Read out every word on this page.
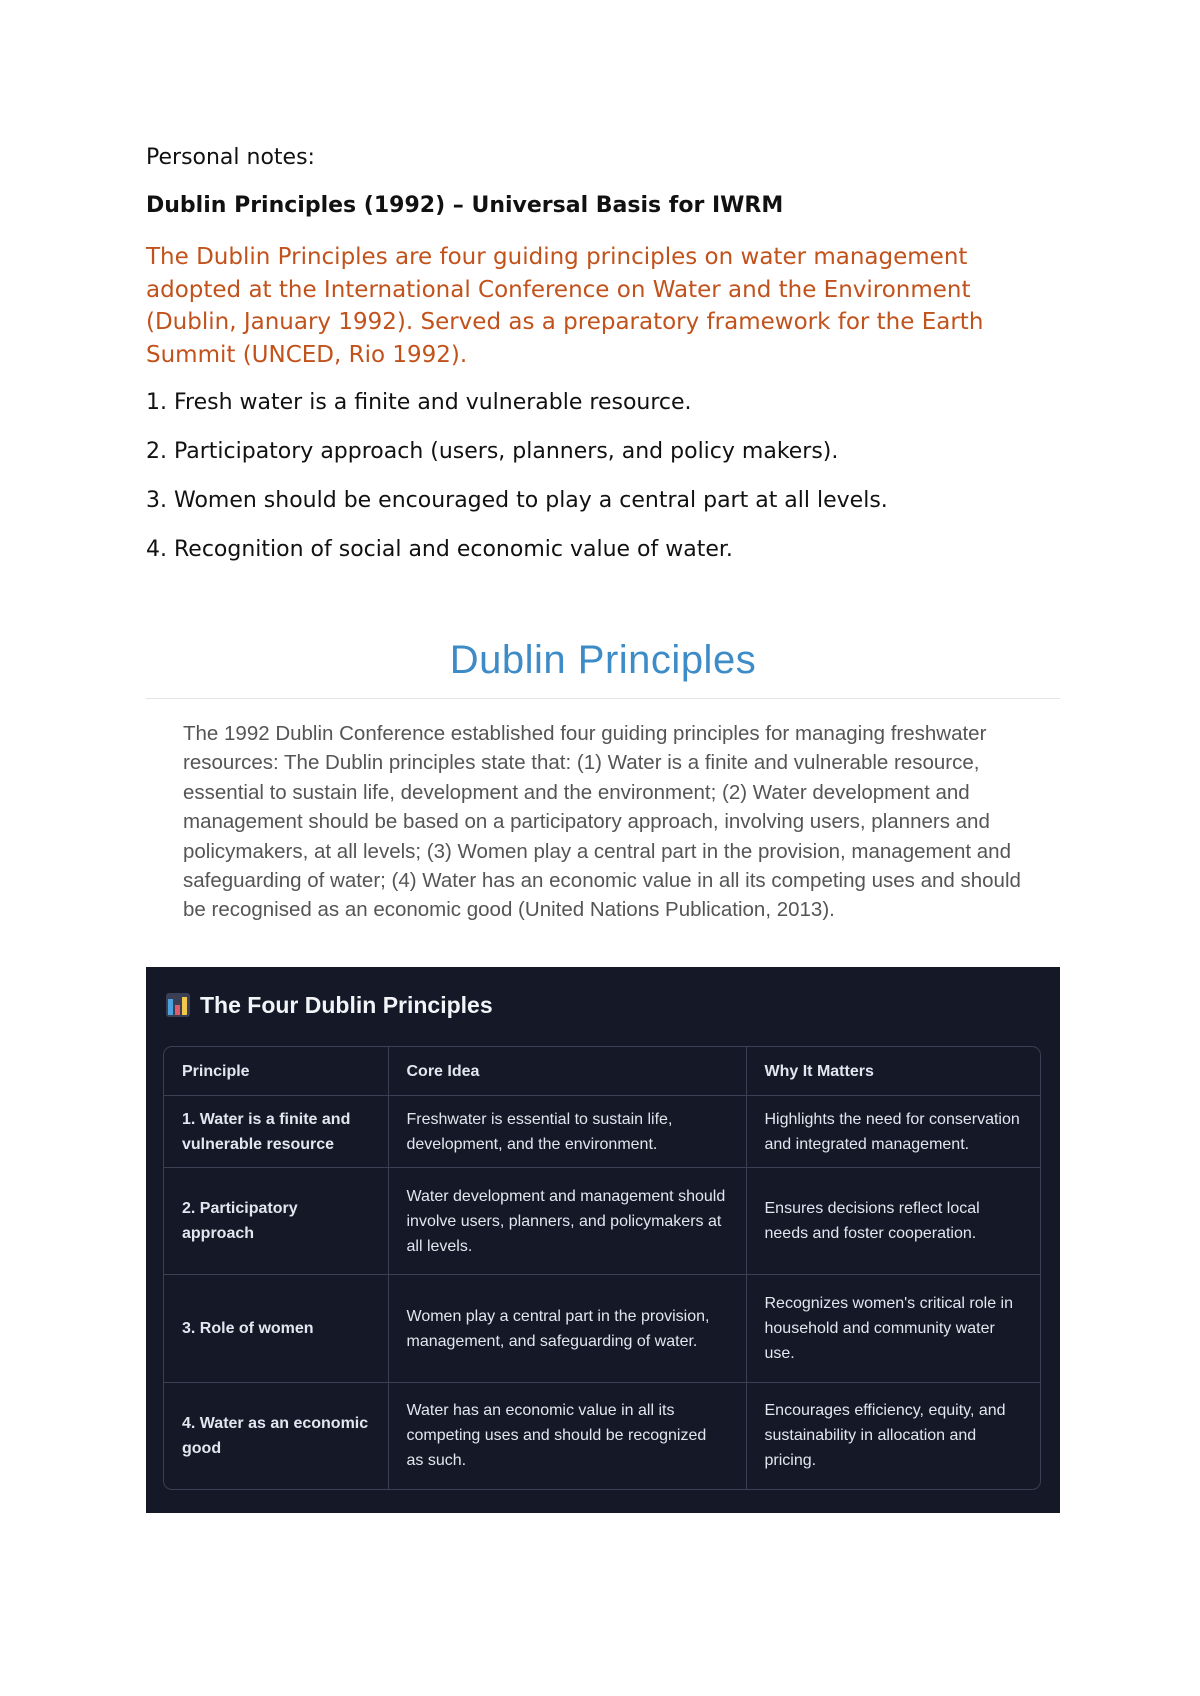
Personal notes:
Dublin Principles (1992) – Universal Basis for IWRM

The Dublin Principles are four guiding principles on water management adopted at the International Conference on Water and the Environment (Dublin, January 1992). Served as a preparatory framework for the Earth Summit (UNCED, Rio 1992).

1. Fresh water is a finite and vulnerable resource.
2. Participatory approach (users, planners, and policy makers).
3. Women should be encouraged to play a central part at all levels.
4. Recognition of social and economic value of water.
Dublin Principles
The 1992 Dublin Conference established four guiding principles for managing freshwater resources: The Dublin principles state that: (1) Water is a finite and vulnerable resource, essential to sustain life, development and the environment; (2) Water development and management should be based on a participatory approach, involving users, planners and policymakers, at all levels; (3) Women play a central part in the provision, management and safeguarding of water; (4) Water has an economic value in all its competing uses and should be recognised as an economic good (United Nations Publication, 2013).
The Four Dublin Principles
Principle	Core Idea	Why It Matters
1. Water is a finite and vulnerable resource	Freshwater is essential to sustain life, development, and the environment.	Highlights the need for conservation and integrated management.
2. Participatory approach	Water development and management should involve users, planners, and policymakers at all levels.	Ensures decisions reflect local needs and foster cooperation.
3. Role of women	Women play a central part in the provision, management, and safeguarding of water.	Recognizes women's critical role in household and community water use.
4. Water as an economic good	Water has an economic value in all its competing uses and should be recognized as such.	Encourages efficiency, equity, and sustainability in allocation and pricing.
